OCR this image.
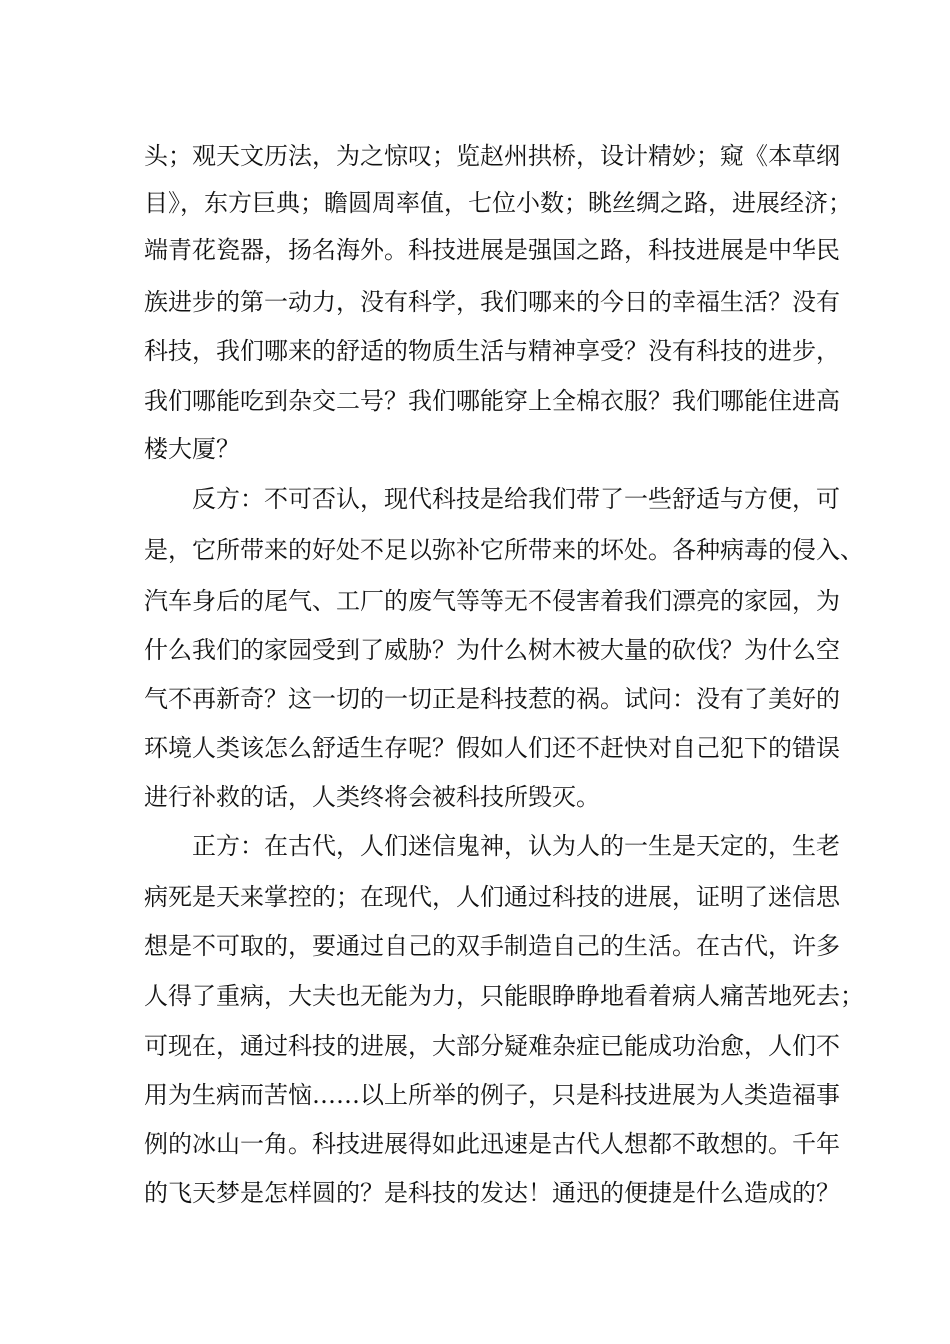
头；观天文历法，为之惊叹；览赵州拱桥，设计精妙；窥《本草纲

目》，东方巨典；瞻圆周率值，七位小数；眺丝绸之路，进展经济；

端青花瓷器，扬名海外。科技进展是强国之路，科技进展是中华民

族进步的第一动力，没有科学，我们哪来的今日的幸福生活？没有

科技，我们哪来的舒适的物质生活与精神享受？没有科技的进步，

我们哪能吃到杂交二号？我们哪能穿上全棉衣服？我们哪能住进高

楼大厦？

反方：不可否认，现代科技是给我们带了一些舒适与方便，可

是，它所带来的好处不足以弥补它所带来的坏处。各种病毒的侵入、

汽车身后的尾气、工厂的废气等等无不侵害着我们漂亮的家园，为

什么我们的家园受到了威胁？为什么树木被大量的砍伐？为什么空

气不再新奇？这一切的一切正是科技惹的祸。试问：没有了美好的

环境人类该怎么舒适生存呢？假如人们还不赶快对自己犯下的错误

进行补救的话，人类终将会被科技所毁灭。

正方：在古代，人们迷信鬼神，认为人的一生是天定的，生老

病死是天来掌控的；在现代，人们通过科技的进展，证明了迷信思

想是不可取的，要通过自己的双手制造自己的生活。在古代，许多

人得了重病，大夫也无能为力，只能眼睁睁地看着病人痛苦地死去；

可现在，通过科技的进展，大部分疑难杂症已能成功治愈，人们不

用为生病而苦恼……以上所举的例子，只是科技进展为人类造福事

例的冰山一角。科技进展得如此迅速是古代人想都不敢想的。千年

的飞天梦是怎样圆的？是科技的发达！通迅的便捷是什么造成的？
